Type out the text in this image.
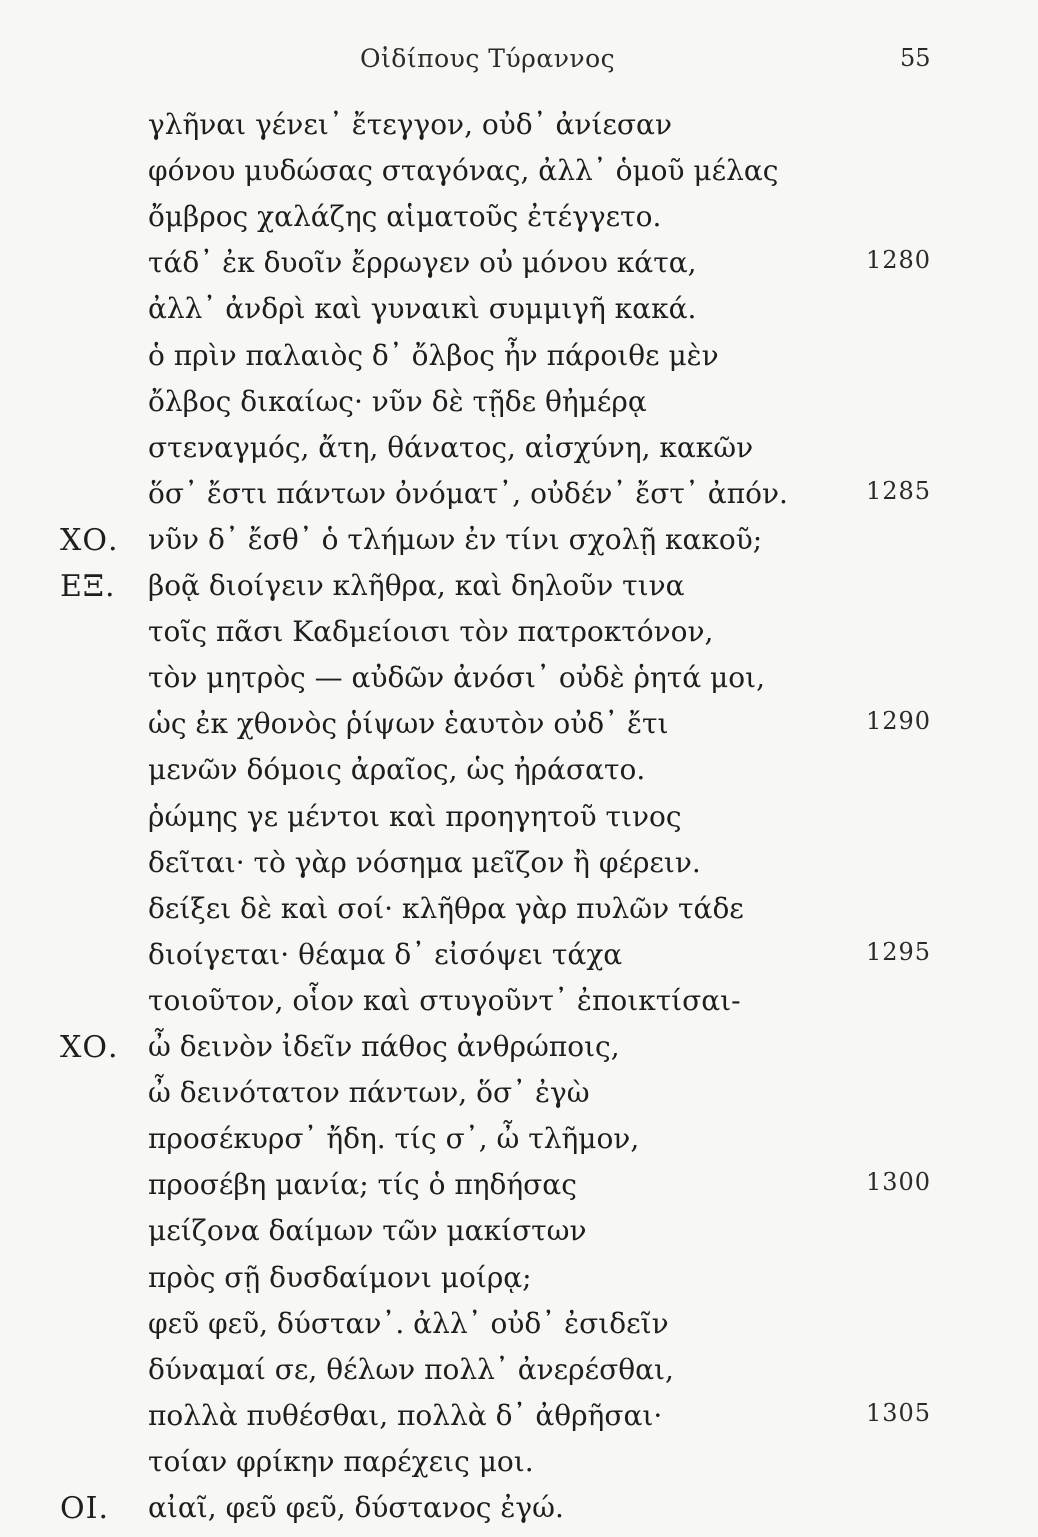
Οἰδίπους Τύραννος	55
γλῆναι γένει᾽ ἔτεγγον, οὐδ᾽ ἀνίεσαν
φόνου μυδώσας σταγόνας, ἀλλ᾽ ὁμοῦ μέλας
ὄμβρος χαλάζης αἱματοῦς ἐτέγγετο.
τάδ᾽ ἐκ δυοῖν ἔρρωγεν οὐ μόνου κάτα,	1280
ἀλλ᾽ ἀνδρὶ καὶ γυναικὶ συμμιγῆ κακά.
ὁ πρὶν παλαιὸς δ᾽ ὄλβος ἦν πάροιθε μὲν
ὄλβος δικαίως· νῦν δὲ τῇδε θἠμέρᾳ
στεναγμός, ἄτη, θάνατος, αἰσχύνη, κακῶν
ὅσ᾽ ἔστι πάντων ὀνόματ᾽, οὐδέν᾽ ἔστ᾽ ἀπόν.	1285
ΧΟ. νῦν δ᾽ ἔσθ᾽ ὁ τλήμων ἐν τίνι σχολῇ κακοῦ;
ΕΞ. βοᾷ διοίγειν κλῆθρα, καὶ δηλοῦν τινα
τοῖς πᾶσι Καδμείοισι τὸν πατροκτόνον,
τὸν μητρὸς — αὐδῶν ἀνόσι᾽ οὐδὲ ῥητά μοι,
ὡς ἐκ χθονὸς ῥίψων ἑαυτὸν οὐδ᾽ ἔτι	1290
μενῶν δόμοις ἀραῖος, ὡς ἠράσατο.
ῥώμης γε μέντοι καὶ προηγητοῦ τινος
δεῖται· τὸ γὰρ νόσημα μεῖζον ἢ φέρειν.
δείξει δὲ καὶ σοί· κλῆθρα γὰρ πυλῶν τάδε
διοίγεται· θέαμα δ᾽ εἰσόψει τάχα	1295
τοιοῦτον, οἷον καὶ στυγοῦντ᾽ ἐποικτίσαι-
ΧΟ. ὦ δεινὸν ἰδεῖν πάθος ἀνθρώποις,
ὦ δεινότατον πάντων, ὅσ᾽ ἐγὼ
προσέκυρσ᾽ ἤδη. τίς σ᾽, ὦ τλῆμον,
προσέβη μανία; τίς ὁ πηδήσας	1300
μείζονα δαίμων τῶν μακίστων
πρὸς σῇ δυσδαίμονι μοίρᾳ;
φεῦ φεῦ, δύσταν᾽. ἀλλ᾽ οὐδ᾽ ἐσιδεῖν
δύναμαί σε, θέλων πολλ᾽ ἀνερέσθαι,
πολλὰ πυθέσθαι, πολλὰ δ᾽ ἀθρῆσαι·	1305
τοίαν φρίκην παρέχεις μοι.
ΟΙ. αἰαῖ, φεῦ φεῦ, δύστανος ἐγώ.
